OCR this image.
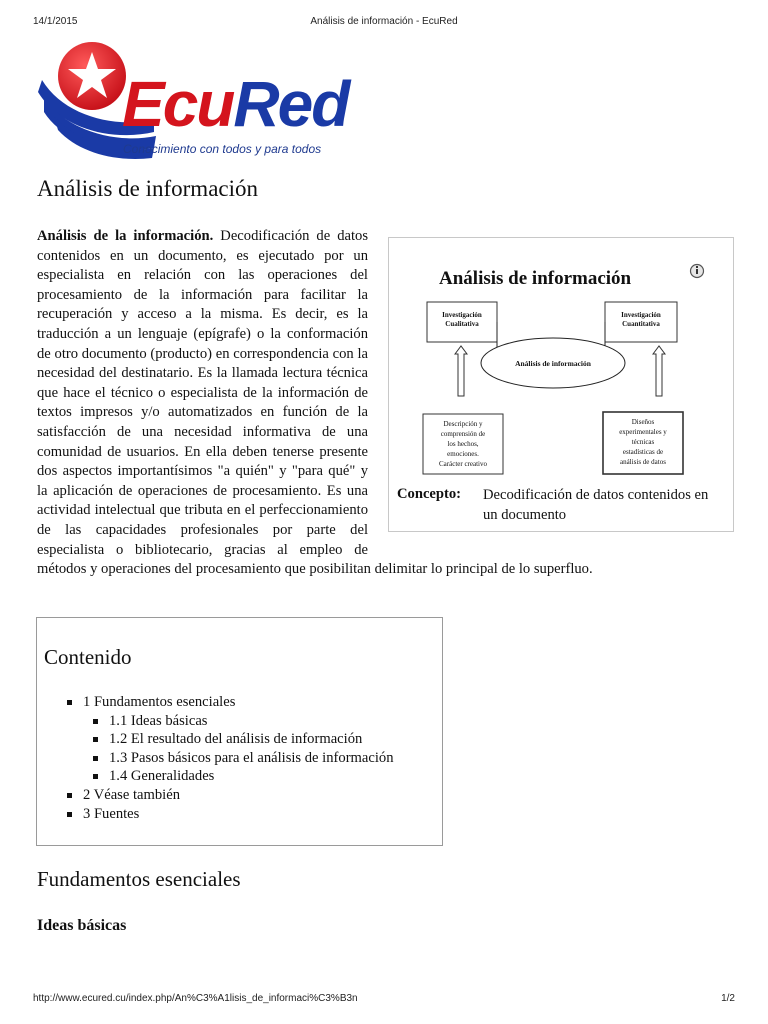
14/1/2015	Análisis de información - EcuRed
EcuRed
Conocimiento con todos y para todos
Análisis de información
Análisis de información
Investigación
Cualitativa
Investigación
Cuantitativa
Análisis de información
Descripción y
comprensión de
los hechos,
emociones.
Carácter creativo
Diseños
experimentales y
técnicas
estadísticas de
análisis de datos
Concepto:	Decodificación de datos contenidos en un documento

Análisis de la información. Decodificación de datos contenidos en un documento, es ejecutado por un especialista en relación con las operaciones del procesamiento de la información para facilitar la recuperación y acceso a la misma. Es decir, es la traducción a un lenguaje (epígrafe) o la conformación de otro documento (producto) en correspondencia con la necesidad del destinatario. Es la llamada lectura técnica que hace el técnico o especialista de la información de textos impresos y/o automatizados en función de la satisfacción de una necesidad informativa de una comunidad de usuarios. En ella deben tenerse presente dos aspectos importantísimos "a quién" y "para qué" y la aplicación de operaciones de procesamiento. Es una actividad intelectual que tributa en el perfeccionamiento de las capacidades profesionales por parte del especialista o bibliotecario, gracias al empleo de métodos y operaciones del procesamiento que posibilitan delimitar lo principal de lo superfluo.

Contenido
1 Fundamentos esenciales
1.1 Ideas básicas
1.2 El resultado del análisis de información
1.3 Pasos básicos para el análisis de información
1.4 Generalidades
2 Véase también
3 Fuentes
Fundamentos esenciales
Ideas básicas
http://www.ecured.cu/index.php/An%C3%A1lisis_de_informaci%C3%B3n	1/2
